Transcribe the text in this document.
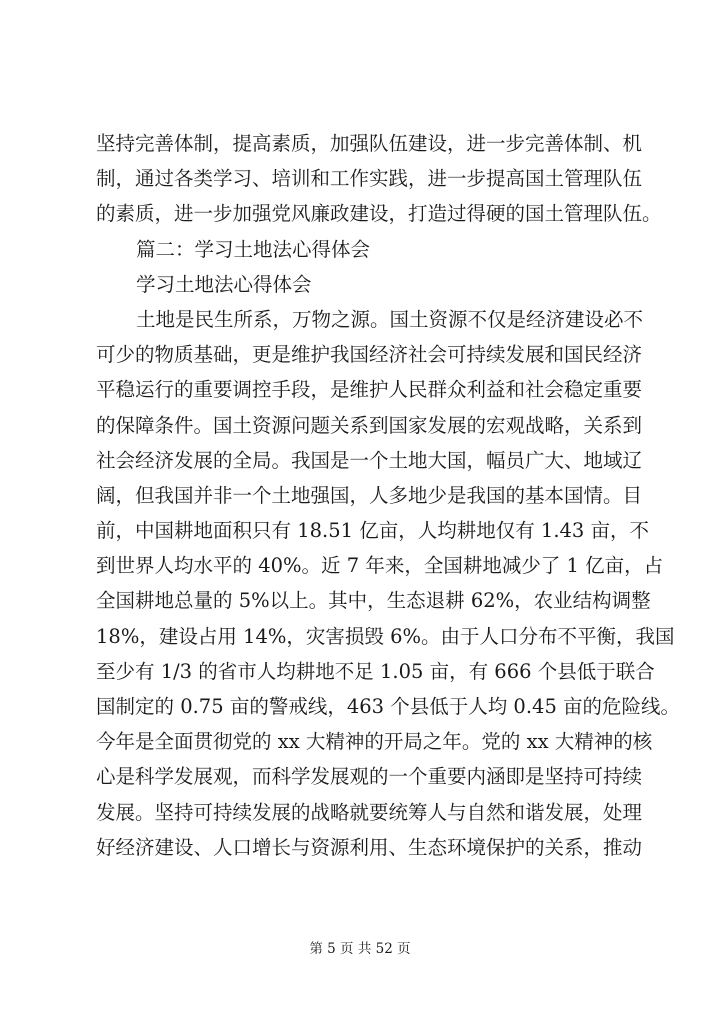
坚持完善体制，提高素质，加强队伍建设，进一步完善体制、机
制，通过各类学习、培训和工作实践，进一步提高国土管理队伍
的素质，进一步加强党风廉政建设，打造过得硬的国土管理队伍。
篇二：学习土地法心得体会
学习土地法心得体会
土地是民生所系，万物之源。国土资源不仅是经济建设必不
可少的物质基础，更是维护我国经济社会可持续发展和国民经济
平稳运行的重要调控手段，是维护人民群众利益和社会稳定重要
的保障条件。国土资源问题关系到国家发展的宏观战略，关系到
社会经济发展的全局。我国是一个土地大国，幅员广大、地域辽
阔，但我国并非一个土地强国，人多地少是我国的基本国情。目
前，中国耕地面积只有 18.51 亿亩，人均耕地仅有 1.43 亩，不
到世界人均水平的 40%。近 7 年来，全国耕地减少了 1 亿亩，占
全国耕地总量的 5%以上。其中，生态退耕 62%，农业结构调整
18%，建设占用 14%，灾害损毁 6%。由于人口分布不平衡，我国
至少有 1/3 的省市人均耕地不足 1.05 亩，有 666 个县低于联合
国制定的 0.75 亩的警戒线，463 个县低于人均 0.45 亩的危险线。
今年是全面贯彻党的 xx 大精神的开局之年。党的 xx 大精神的核
心是科学发展观，而科学发展观的一个重要内涵即是坚持可持续
发展。坚持可持续发展的战略就要统筹人与自然和谐发展，处理
好经济建设、人口增长与资源利用、生态环境保护的关系，推动
第 5 页 共 52 页
